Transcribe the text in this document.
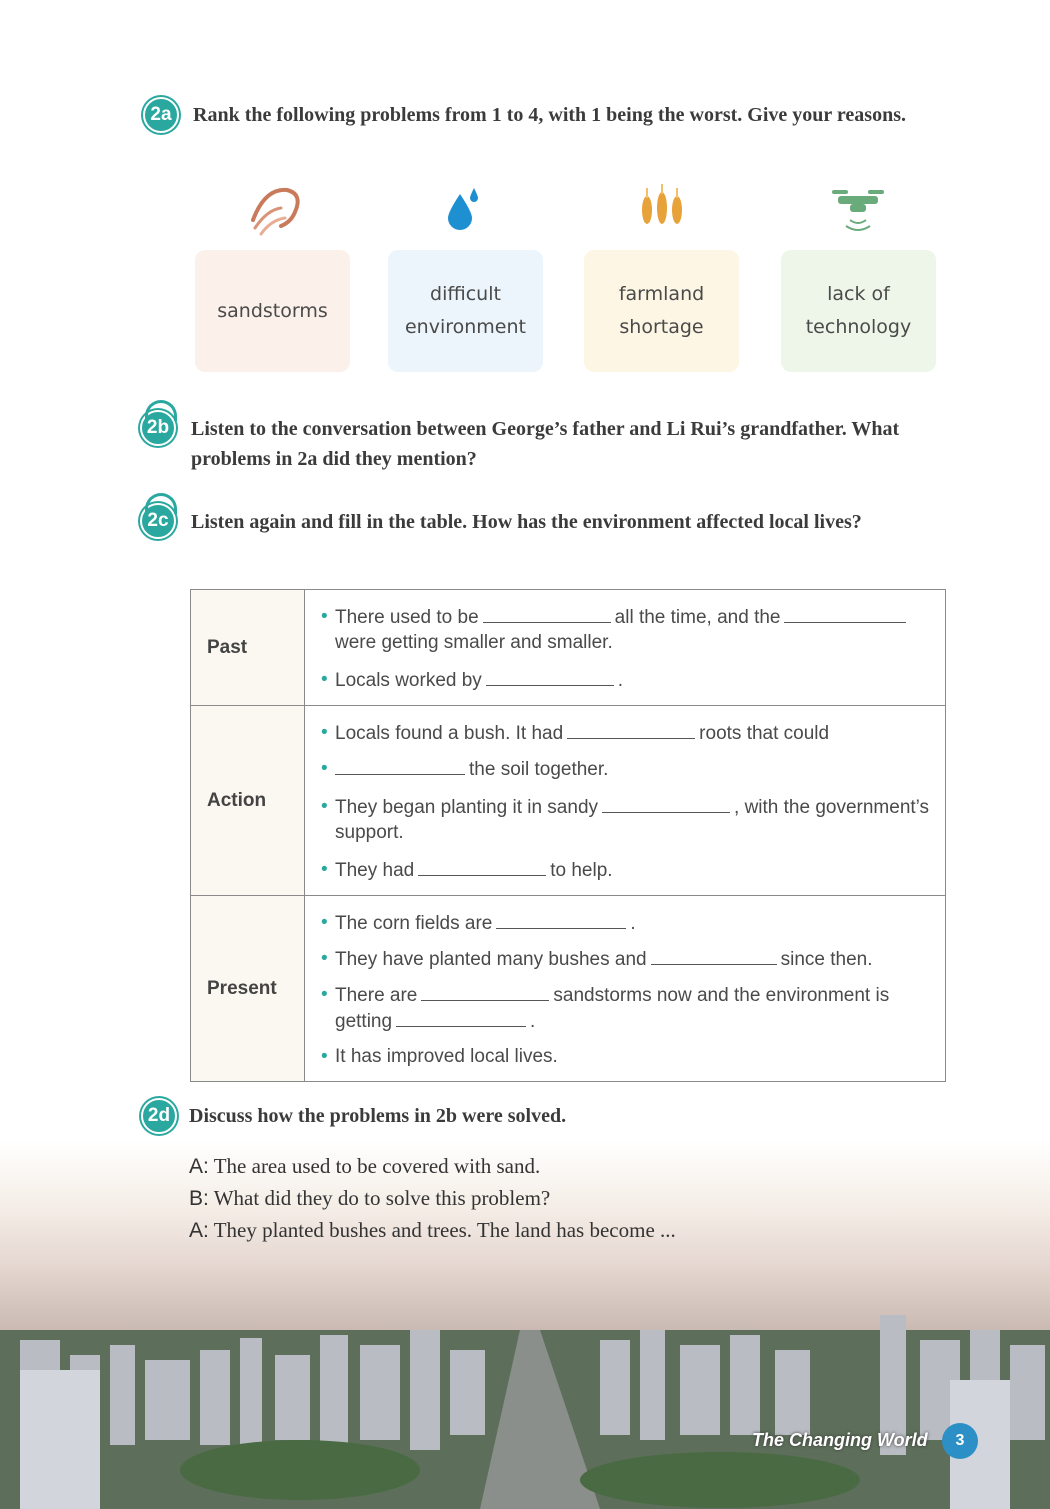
2a	Rank the following problems from 1 to 4, with 1 being the worst. Give your reasons.
sandstorms
difficult environment
farmland shortage
lack of technology
2b	Listen to the conversation between George’s father and Li Rui’s grandfather. What problems in 2a did they mention?
2c	Listen again and fill in the table. How has the environment affected local lives?
Past	• There used to be all the time, and the
were getting smaller and smaller.
• Locals worked by .

Action	• Locals found a bush. It had roots that could
• the soil together.
• They began planting it in sandy , with the government’s support.
• They had to help.

Present	• The corn fields are .
• They have planted many bushes and since then.
• There are sandstorms now and the environment is getting .
• It has improved local lives.
2d Discuss how the problems in 2b were solved.
A: The area used to be covered with sand.
B: What did they do to solve this problem?
A: They planted bushes and trees. The land has become ...
The Changing World	3
